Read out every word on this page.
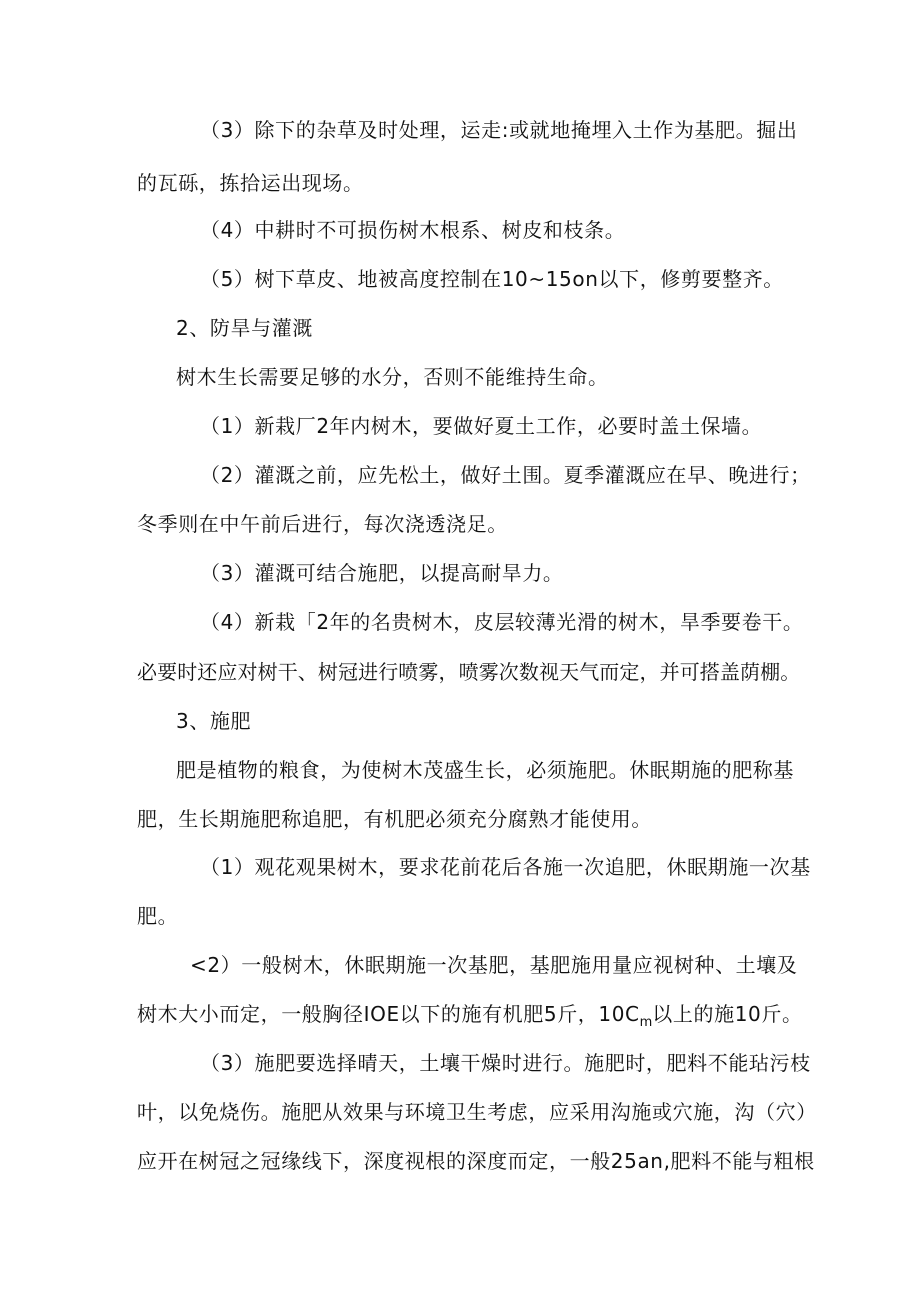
（3）除下的杂草及时处理，运走:或就地掩埋入土作为基肥。掘出
的瓦砾，拣拾运出现场。
（4）中耕时不可损伤树木根系、树皮和枝条。
（5）树下草皮、地被高度控制在10~15on以下，修剪要整齐。
2、防旱与灌溉
树木生长需要足够的水分，否则不能维持生命。
（1）新栽厂2年内树木，要做好夏土工作，必要时盖土保墙。
（2）灌溉之前，应先松土，做好土围。夏季灌溉应在早、晚进行；
冬季则在中午前后进行，每次浇透浇足。
（3）灌溉可结合施肥，以提高耐旱力。
（4）新栽「2年的名贵树木，皮层较薄光滑的树木，旱季要卷干。
必要时还应对树干、树冠进行喷雾，喷雾次数视天气而定，并可搭盖荫棚。
3、施肥
肥是植物的粮食，为使树木茂盛生长，必须施肥。休眠期施的肥称基
肥，生长期施肥称追肥，有机肥必须充分腐熟才能使用。
（1）观花观果树木，要求花前花后各施一次追肥，休眠期施一次基
肥。
<2）一般树木，休眠期施一次基肥，基肥施用量应视树种、土壤及
树木大小而定，一般胸径IOE以下的施有机肥5斤，$10C_m$以上的施10斤。
（3）施肥要选择晴天，土壤干燥时进行。施肥时，肥料不能玷污枝
叶，以免烧伤。施肥从效果与环境卫生考虑，应采用沟施或穴施，沟（穴）
应开在树冠之冠缘线下，深度视根的深度而定，一般25an,肥料不能与粗根
